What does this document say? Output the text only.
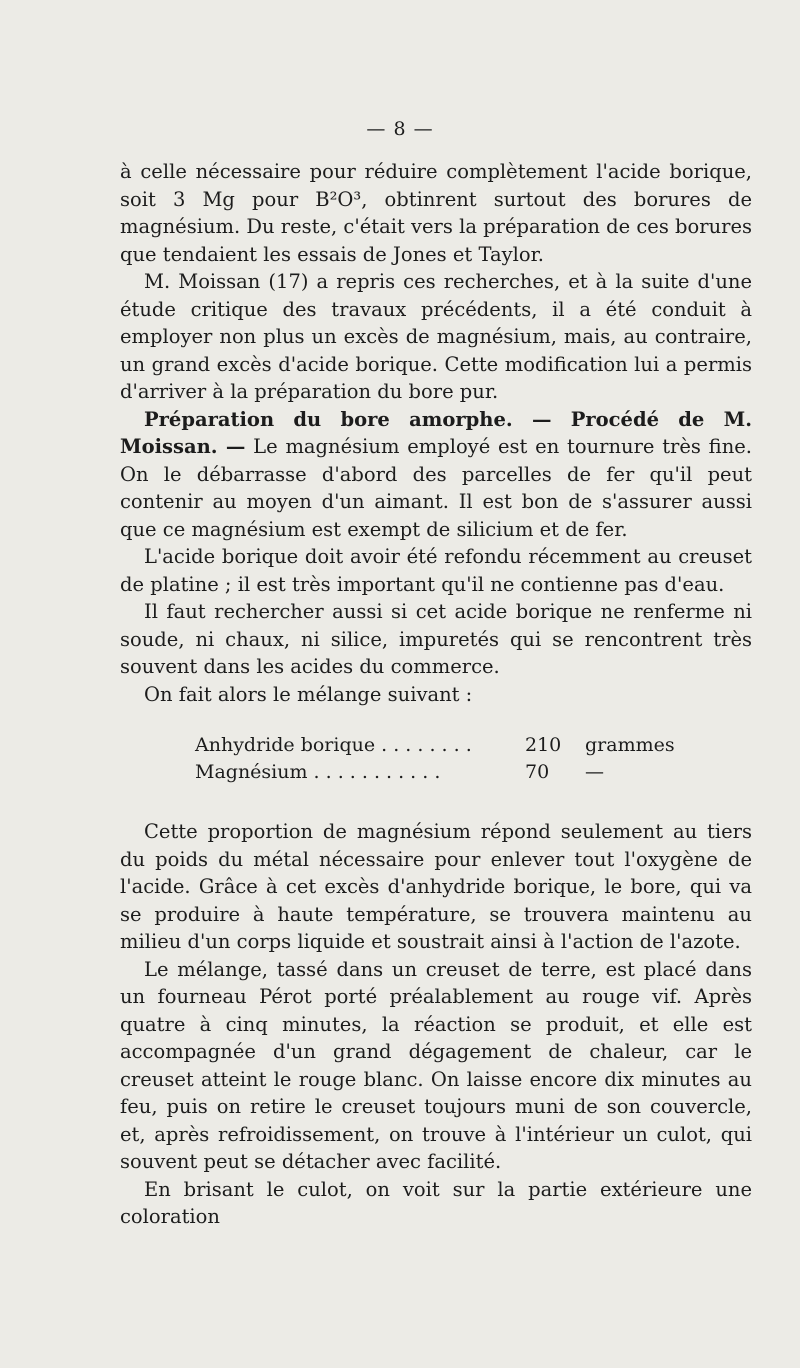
— 8 —

à celle nécessaire pour réduire complètement l'acide borique, soit 3 Mg pour B²O³, obtinrent surtout des borures de magnésium. Du reste, c'était vers la préparation de ces borures que tendaient les essais de Jones et Taylor.

M. Moissan (17) a repris ces recherches, et à la suite d'une étude critique des travaux précédents, il a été conduit à employer non plus un excès de magnésium, mais, au contraire, un grand excès d'acide borique. Cette modification lui a permis d'arriver à la préparation du bore pur.

Préparation du bore amorphe. — Procédé de M. Moissan. — Le magnésium employé est en tournure très fine. On le débarrasse d'abord des parcelles de fer qu'il peut contenir au moyen d'un aimant. Il est bon de s'assurer aussi que ce magnésium est exempt de silicium et de fer.

L'acide borique doit avoir été refondu récemment au creuset de platine ; il est très important qu'il ne contienne pas d'eau.

Il faut rechercher aussi si cet acide borique ne renferme ni soude, ni chaux, ni silice, impuretés qui se rencontrent très souvent dans les acides du commerce.

On fait alors le mélange suivant :

Anhydride borique . . . . . . . .	210	grammes
Magnésium . . . . . . . . . . .	70	—

Cette proportion de magnésium répond seulement au tiers du poids du métal nécessaire pour enlever tout l'oxygène de l'acide. Grâce à cet excès d'anhydride borique, le bore, qui va se produire à haute température, se trouvera maintenu au milieu d'un corps liquide et soustrait ainsi à l'action de l'azote.

Le mélange, tassé dans un creuset de terre, est placé dans un fourneau Pérot porté préalablement au rouge vif. Après quatre à cinq minutes, la réaction se produit, et elle est accompagnée d'un grand dégagement de chaleur, car le creuset atteint le rouge blanc. On laisse encore dix minutes au feu, puis on retire le creuset toujours muni de son couvercle, et, après refroidissement, on trouve à l'intérieur un culot, qui souvent peut se détacher avec facilité.

En brisant le culot, on voit sur la partie extérieure une coloration
